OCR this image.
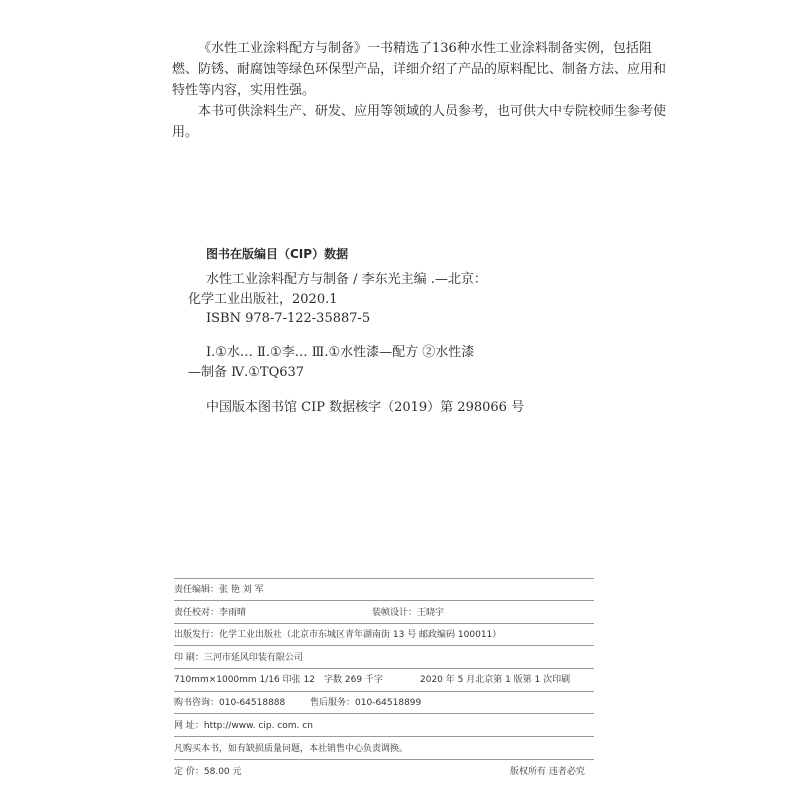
《水性工业涂料配方与制备》一书精选了136种水性工业涂料制备实例，包括阻燃、防锈、耐腐蚀等绿色环保型产品，详细介绍了产品的原料配比、制备方法、应用和特性等内容，实用性强。

本书可供涂料生产、研发、应用等领域的人员参考，也可供大中专院校师生参考使用。

图书在版编目（CIP）数据
水性工业涂料配方与制备 / 李东光主编 .—北京：
化学工业出版社，2020.1
ISBN 978-7-122-35887-5
Ⅰ.①水… Ⅱ.①李… Ⅲ.①水性漆—配方 ②水性漆
—制备 Ⅳ.①TQ637
中国版本图书馆 CIP 数据核字（2019）第 298066 号
责任编辑：张 艳 刘 军
责任校对：李雨晴	装帧设计：王晓宇
出版发行：化学工业出版社（北京市东城区青年湖南街 13 号 邮政编码 100011）
印 刷：三河市延风印装有限公司
710mm×1000mm 1/16 印张 12 字数 269 千字	2020 年 5 月北京第 1 版第 1 次印刷
购书咨询：010-64518888	售后服务：010-64518899
网 址：http://www. cip. com. cn
凡购买本书，如有缺损质量问题，本社销售中心负责调换。
定 价：58.00 元	版权所有 违者必究
